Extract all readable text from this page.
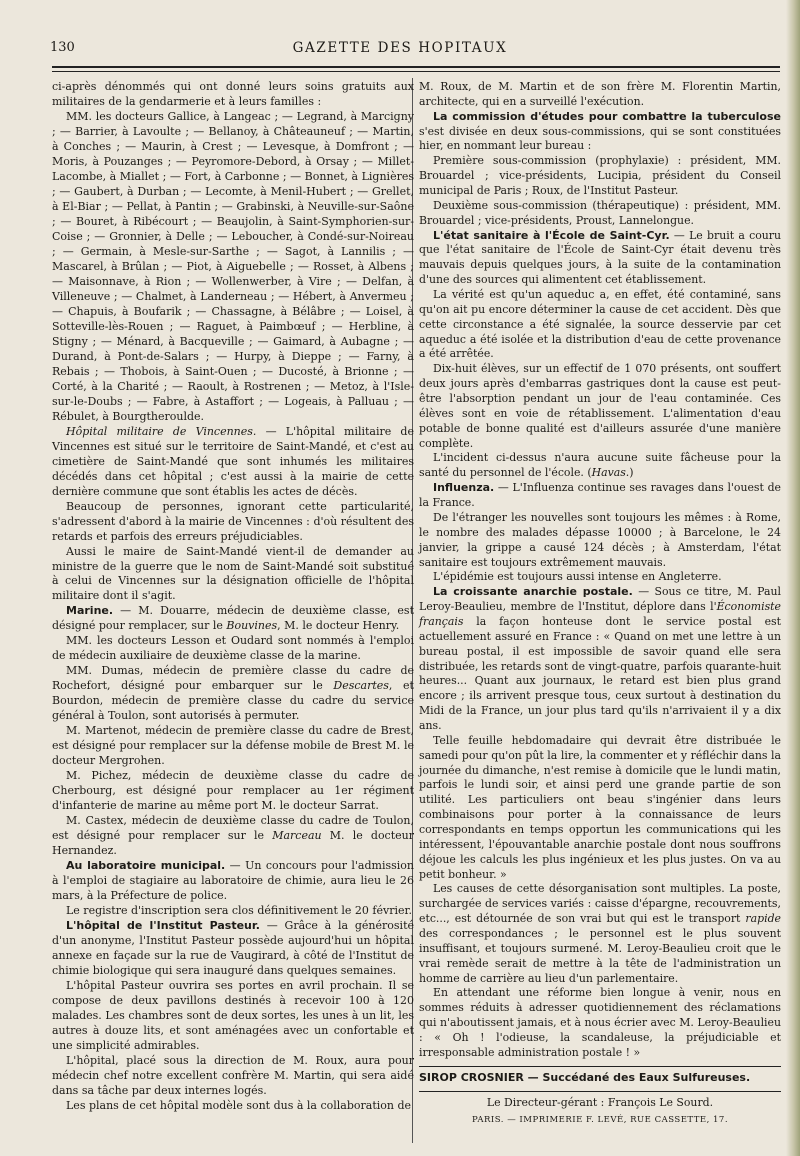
130	GAZETTE DES HOPITAUX

ci-après dénommés qui ont donné leurs soins gratuits aux militaires de la gendarmerie et à leurs familles :

MM. les docteurs Gallice, à Langeac ; — Legrand, à Marcigny ; — Barrier, à Lavoulte ; — Bellanoy, à Châteauneuf ; — Martin, à Conches ; — Maurin, à Crest ; — Levesque, à Domfront ; — Moris, à Pouzanges ; — Peyromore-Debord, à Orsay ; — Millet-Lacombe, à Miallet ; — Fort, à Carbonne ; — Bonnet, à Lignières ; — Gaubert, à Durban ; — Lecomte, à Menil-Hubert ; — Grellet, à El-Biar ; — Pellat, à Pantin ; — Grabinski, à Neuville-sur-Saône ; — Bouret, à Ribécourt ; — Beaujolin, à Saint-Symphorien-sur-Coise ; — Gronnier, à Delle ; — Leboucher, à Condé-sur-Noireau ; — Germain, à Mesle-sur-Sarthe ; — Sagot, à Lannilis ; — Mascarel, à Brûlan ; — Piot, à Aiguebelle ; — Rosset, à Albens ; — Maisonnave, à Rion ; — Wollenwerber, à Vire ; — Delfan, à Villeneuve ; — Chalmet, à Landerneau ; — Hébert, à Anvermeu ; — Chapuis, à Boufarik ; — Chassagne, à Bélâbre ; — Loisel, à Sotteville-lès-Rouen ; — Raguet, à Paimbœuf ; — Herbline, à Stigny ; — Ménard, à Bacqueville ; — Gaimard, à Aubagne ; — Durand, à Pont-de-Salars ; — Hurpy, à Dieppe ; — Farny, à Rebais ; — Thobois, à Saint-Ouen ; — Ducosté, à Brionne ; — Corté, à la Charité ; — Raoult, à Rostrenen ; — Metoz, à l'Isle-sur-le-Doubs ; — Fabre, à Astaffort ; — Logeais, à Palluau ; — Rébulet, à Bourgtheroulde.

Hôpital militaire de Vincennes. — L'hôpital militaire de Vincennes est situé sur le territoire de Saint-Mandé, et c'est au cimetière de Saint-Mandé que sont inhumés les militaires décédés dans cet hôpital ; c'est aussi à la mairie de cette dernière commune que sont établis les actes de décès.

Beaucoup de personnes, ignorant cette particularité, s'adressent d'abord à la mairie de Vincennes : d'où résultent des retards et parfois des erreurs préjudiciables.

Aussi le maire de Saint-Mandé vient-il de demander au ministre de la guerre que le nom de Saint-Mandé soit substitué à celui de Vincennes sur la désignation officielle de l'hôpital militaire dont il s'agit.

Marine. — M. Douarre, médecin de deuxième classe, est désigné pour remplacer, sur le Bouvines, M. le docteur Henry.

MM. les docteurs Lesson et Oudard sont nommés à l'emploi de médecin auxiliaire de deuxième classe de la marine.

MM. Dumas, médecin de première classe du cadre de Rochefort, désigné pour embarquer sur le Descartes, et Bourdon, médecin de première classe du cadre du service général à Toulon, sont autorisés à permuter.

M. Martenot, médecin de première classe du cadre de Brest, est désigné pour remplacer sur la défense mobile de Brest M. le docteur Mergrohen.

M. Pichez, médecin de deuxième classe du cadre de Cherbourg, est désigné pour remplacer au 1er régiment d'infanterie de marine au même port M. le docteur Sarrat.

M. Castex, médecin de deuxième classe du cadre de Toulon, est désigné pour remplacer sur le Marceau M. le docteur Hernandez.

Au laboratoire municipal. — Un concours pour l'admission à l'emploi de stagiaire au laboratoire de chimie, aura lieu le 26 mars, à la Préfecture de police.

Le registre d'inscription sera clos définitivement le 20 février.

L'hôpital de l'Institut Pasteur. — Grâce à la générosité d'un anonyme, l'Institut Pasteur possède aujourd'hui un hôpital annexe en façade sur la rue de Vaugirard, à côté de l'Institut de chimie biologique qui sera inauguré dans quelques semaines.

L'hôpital Pasteur ouvrira ses portes en avril prochain. Il se compose de deux pavillons destinés à recevoir 100 à 120 malades. Les chambres sont de deux sortes, les unes à un lit, les autres à douze lits, et sont aménagées avec un confortable et une simplicité admirables.

L'hôpital, placé sous la direction de M. Roux, aura pour médecin chef notre excellent confrère M. Martin, qui sera aidé dans sa tâche par deux internes logés.

Les plans de cet hôpital modèle sont dus à la collaboration de

M. Roux, de M. Martin et de son frère M. Florentin Martin, architecte, qui en a surveillé l'exécution.

La commission d'études pour combattre la tuberculose s'est divisée en deux sous-commissions, qui se sont constituées hier, en nommant leur bureau :

Première sous-commission (prophylaxie) : président, MM. Brouardel ; vice-présidents, Lucipia, président du Conseil municipal de Paris ; Roux, de l'Institut Pasteur.

Deuxième sous-commission (thérapeutique) : président, MM. Brouardel ; vice-présidents, Proust, Lannelongue.

L'état sanitaire à l'École de Saint-Cyr. — Le bruit a couru que l'état sanitaire de l'École de Saint-Cyr était devenu très mauvais depuis quelques jours, à la suite de la contamination d'une des sources qui alimentent cet établissement.

La vérité est qu'un aqueduc a, en effet, été contaminé, sans qu'on ait pu encore déterminer la cause de cet accident. Dès que cette circonstance a été signalée, la source desservie par cet aqueduc a été isolée et la distribution d'eau de cette provenance a été arrêtée.

Dix-huit élèves, sur un effectif de 1 070 présents, ont souffert deux jours après d'embarras gastriques dont la cause est peut-être l'absorption pendant un jour de l'eau contaminée. Ces élèves sont en voie de rétablissement. L'alimentation d'eau potable de bonne qualité est d'ailleurs assurée d'une manière complète.

L'incident ci-dessus n'aura aucune suite fâcheuse pour la santé du personnel de l'école. (Havas.)

Influenza. — L'Influenza continue ses ravages dans l'ouest de la France.

De l'étranger les nouvelles sont toujours les mêmes : à Rome, le nombre des malades dépasse 10000 ; à Barcelone, le 24 janvier, la grippe a causé 124 décès ; à Amsterdam, l'état sanitaire est toujours extrêmement mauvais.

L'épidémie est toujours aussi intense en Angleterre.

La croissante anarchie postale. — Sous ce titre, M. Paul Leroy-Beaulieu, membre de l'Institut, déplore dans l'Économiste français la façon honteuse dont le service postal est actuellement assuré en France : « Quand on met une lettre à un bureau postal, il est impossible de savoir quand elle sera distribuée, les retards sont de vingt-quatre, parfois quarante-huit heures... Quant aux journaux, le retard est bien plus grand encore ; ils arrivent presque tous, ceux surtout à destination du Midi de la France, un jour plus tard qu'ils n'arrivaient il y a dix ans.

Telle feuille hebdomadaire qui devrait être distribuée le samedi pour qu'on pût la lire, la commenter et y réfléchir dans la journée du dimanche, n'est remise à domicile que le lundi matin, parfois le lundi soir, et ainsi perd une grande partie de son utilité. Les particuliers ont beau s'ingénier dans leurs combinaisons pour porter à la connaissance de leurs correspondants en temps opportun les communications qui les intéressent, l'épouvantable anarchie postale dont nous souffrons déjoue les calculs les plus ingénieux et les plus justes. On va au petit bonheur. »

Les causes de cette désorganisation sont multiples. La poste, surchargée de services variés : caisse d'épargne, recouvrements, etc..., est détournée de son vrai but qui est le transport rapide des correspondances ; le personnel est le plus souvent insuffisant, et toujours surmené. M. Leroy-Beaulieu croit que le vrai remède serait de mettre à la tête de l'administration un homme de carrière au lieu d'un parlementaire.

En attendant une réforme bien longue à venir, nous en sommes réduits à adresser quotidiennement des réclamations qui n'aboutissent jamais, et à nous écrier avec M. Leroy-Beaulieu : « Oh ! l'odieuse, la scandaleuse, la préjudiciable et irresponsable administration postale ! »

SIROP CROSNIER — Succédané des Eaux Sulfureuses.

Le Directeur-gérant : François Le Sourd.

PARIS. — IMPRIMERIE F. LEVÉ, RUE CASSETTE, 17.
